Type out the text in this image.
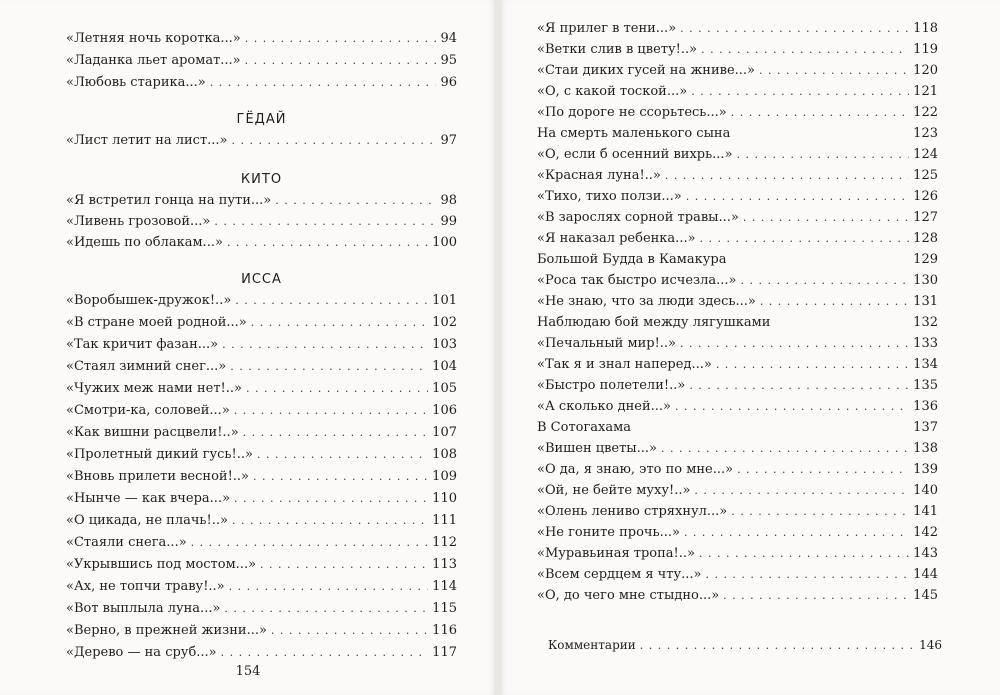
«Летняя ночь коротка...» . . .	94
«Ладанка льет аромат...» . . .	95
«Любовь старика...» . . .	96
ГЁДАЙ
«Лист летит на лист...» . . .	97
КИТО
«Я встретил гонца на пути...» . . .	98
«Ливень грозовой...» . . .	99
«Идешь по облакам...» . . .	100
ИССА
«Воробышек-дружок!..» . . .	101
«В стране моей родной...» . . .	102
«Так кричит фазан...» . . .	103
«Стаял зимний снег...» . . .	104
«Чужих меж нами нет!..» . . .	105
«Смотри-ка, соловей...» . . .	106
«Как вишни расцвели!..» . . .	107
«Пролетный дикий гусь!..» . . .	108
«Вновь прилети весной!..» . . .	109
«Нынче — как вчера...» . . .	110
«О цикада, не плачь!..» . . .	111
«Стаяли снега...» . . .	112
«Укрывшись под мостом...» . . .	113
«Ах, не топчи траву!..» . . .	114
«Вот выплыла луна...» . . .	115
«Верно, в прежней жизни...» . . .	116
«Дерево — на сруб...» . . .	117
154
«Я прилег в тени...» . . .	118
«Ветки слив в цвету!..» . . .	119
«Стаи диких гусей на жниве...» . . .	120
«О, с какой тоской...» . . .	121
«По дороге не ссорьтесь...» . . .	122
На смерть маленького сына	123
«О, если б осенний вихрь...» . . .	124
«Красная луна!..» . . .	125
«Тихо, тихо ползи...» . . .	126
«В зарослях сорной травы...» . . .	127
«Я наказал ребенка...» . . .	128
Большой Будда в Камакура	129
«Роса так быстро исчезла...» . . .	130
«Не знаю, что за люди здесь...» . . .	131
Наблюдаю бой между лягушками	132
«Печальный мир!..» . . .	133
«Так я и знал наперед...» . . .	134
«Быстро полетели!..» . . .	135
«А сколько дней...» . . .	136
В Сотогахама	137
«Вишен цветы...» . . .	138
«О да, я знаю, это по мне...» . . .	139
«Ой, не бейте муху!..» . . .	140
«Олень лениво стряхнул...» . . .	141
«Не гоните прочь...» . . .	142
«Муравьиная тропа!..» . . .	143
«Всем сердцем я чту...» . . .	144
«О, до чего мне стыдно...» . . .	145
Комментарии . . .	146
